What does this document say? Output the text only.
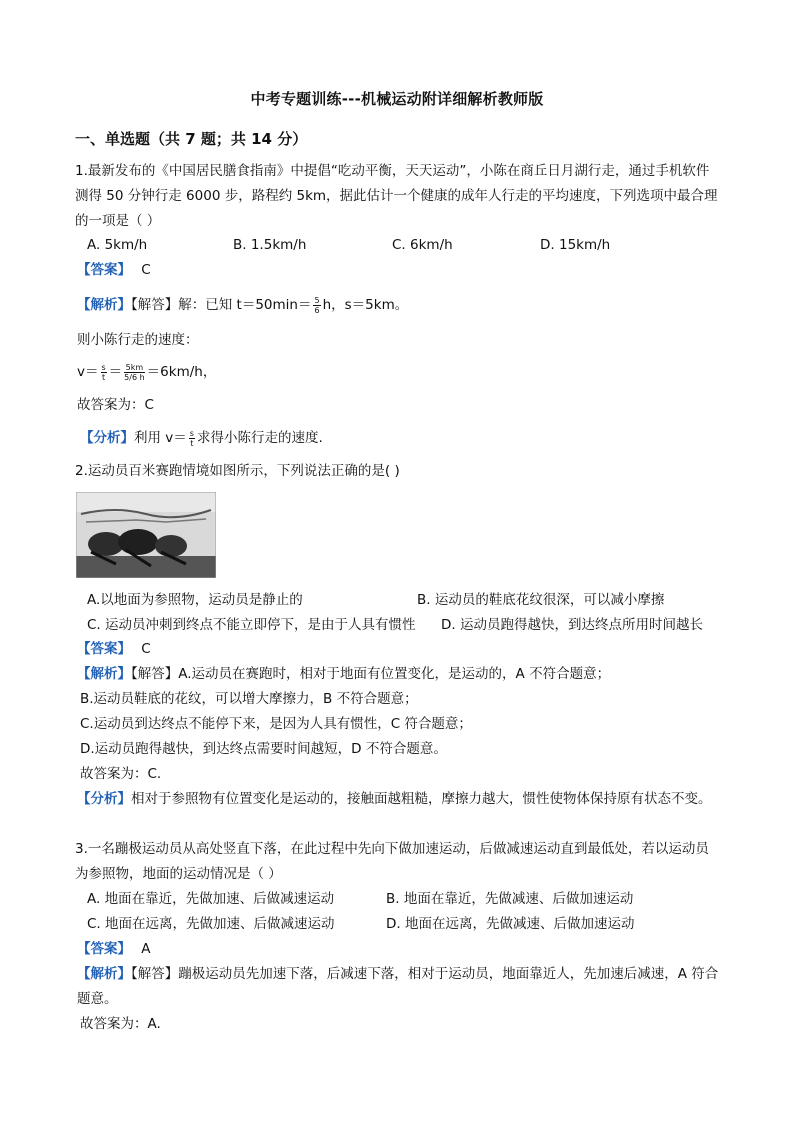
中考专题训练---机械运动附详细解析教师版
一、单选题（共 7 题；共 14 分）
1.最新发布的《中国居民膳食指南》中提倡“吃动平衡，天天运动”，小陈在商丘日月湖行走，通过手机软件测得 50 分钟行走 6000 步，路程约 5km，据此估计一个健康的成年人行走的平均速度，下列选项中最合理的一项是（ ）
A. 5km/h	B. 1.5km/h	C. 6km/h	D. 15km/h
【答案】 C
【解析】【解答】解：已知 $t=50\min= \frac{5}{6}$ h，s＝5km。
则小陈行走的速度：
$v= \frac{s}{t} = \frac{5km}{5/6 h} =6km/h$，
故答案为：C
【分析】利用 $v= \frac{s}{t}$ 求得小陈行走的速度.
2.运动员百米赛跑情境如图所示，下列说法正确的是( )
A.以地面为参照物，运动员是静止的	B. 运动员的鞋底花纹很深，可以减小摩擦
C. 运动员冲刺到终点不能立即停下，是由于人具有惯性 D. 运动员跑得越快，到达终点所用时间越长
【答案】 C
【解析】【解答】A.运动员在赛跑时，相对于地面有位置变化，是运动的，A 不符合题意；
B.运动员鞋底的花纹，可以增大摩擦力，B 不符合题意；
C.运动员到达终点不能停下来，是因为人具有惯性，C 符合题意；
D.运动员跑得越快，到达终点需要时间越短，D 不符合题意。
故答案为：C.
【分析】相对于参照物有位置变化是运动的，接触面越粗糙，摩擦力越大，惯性使物体保持原有状态不变。
3.一名蹦极运动员从高处竖直下落，在此过程中先向下做加速运动，后做减速运动直到最低处，若以运动员为参照物，地面的运动情况是（ ）
A. 地面在靠近，先做加速、后做减速运动	B. 地面在靠近，先做减速、后做加速运动
C. 地面在远离，先做加速、后做减速运动	D. 地面在远离，先做减速、后做加速运动
【答案】 A
【解析】【解答】蹦极运动员先加速下落，后减速下落，相对于运动员，地面靠近人，先加速后减速，A 符合题意。
故答案为：A.
